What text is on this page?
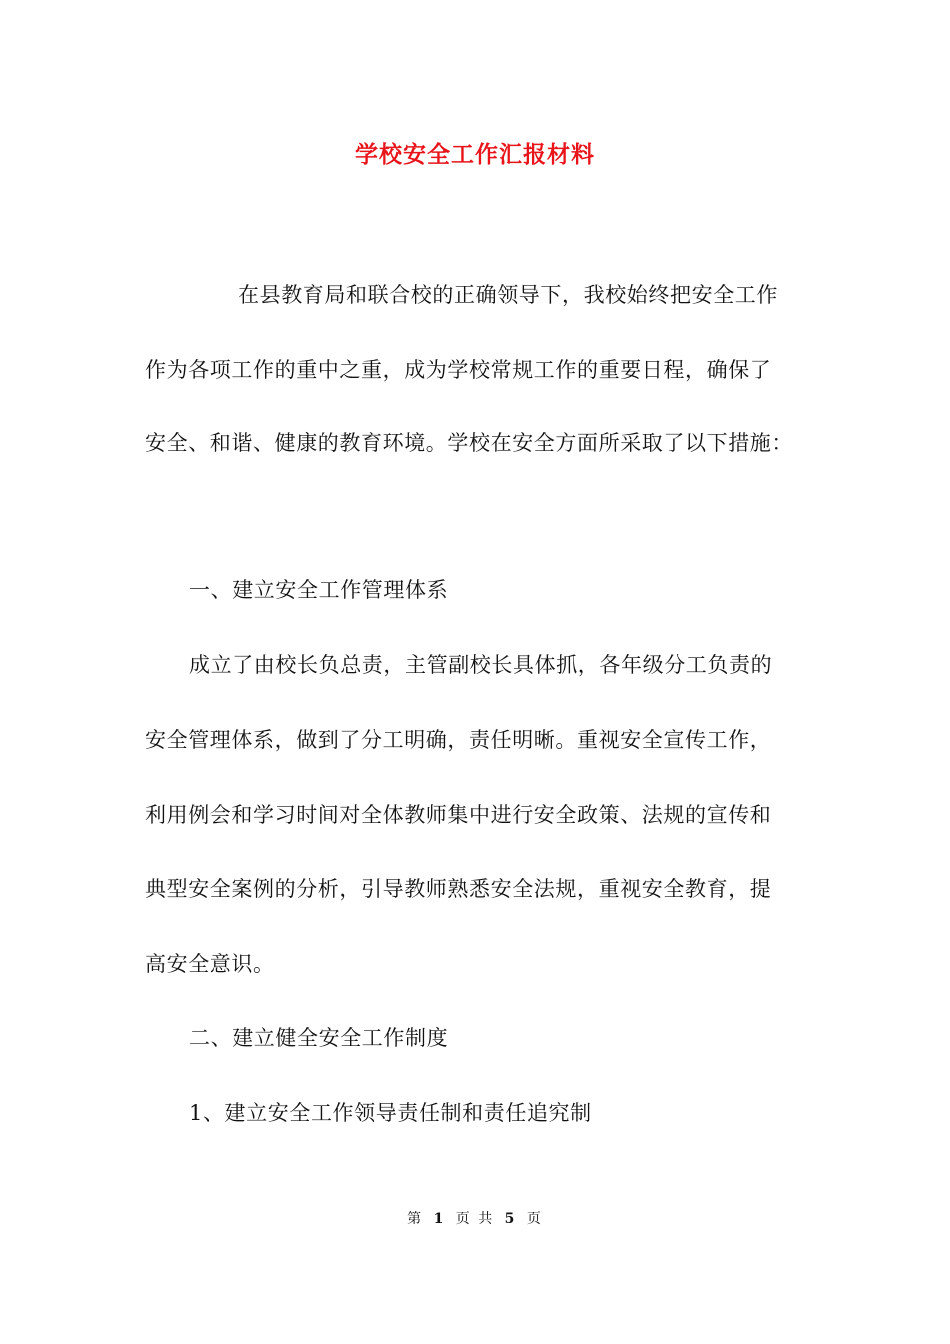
学校安全工作汇报材料
在县教育局和联合校的正确领导下，我校始终把安全工作
作为各项工作的重中之重，成为学校常规工作的重要日程，确保了
安全、和谐、健康的教育环境。学校在安全方面所采取了以下措施：
一、建立安全工作管理体系
成立了由校长负总责，主管副校长具体抓，各年级分工负责的
安全管理体系，做到了分工明确，责任明晰。重视安全宣传工作，
利用例会和学习时间对全体教师集中进行安全政策、法规的宣传和
典型安全案例的分析，引导教师熟悉安全法规，重视安全教育，提
高安全意识。
二、建立健全安全工作制度
1、建立安全工作领导责任制和责任追究制
第 1 页 共 5 页
